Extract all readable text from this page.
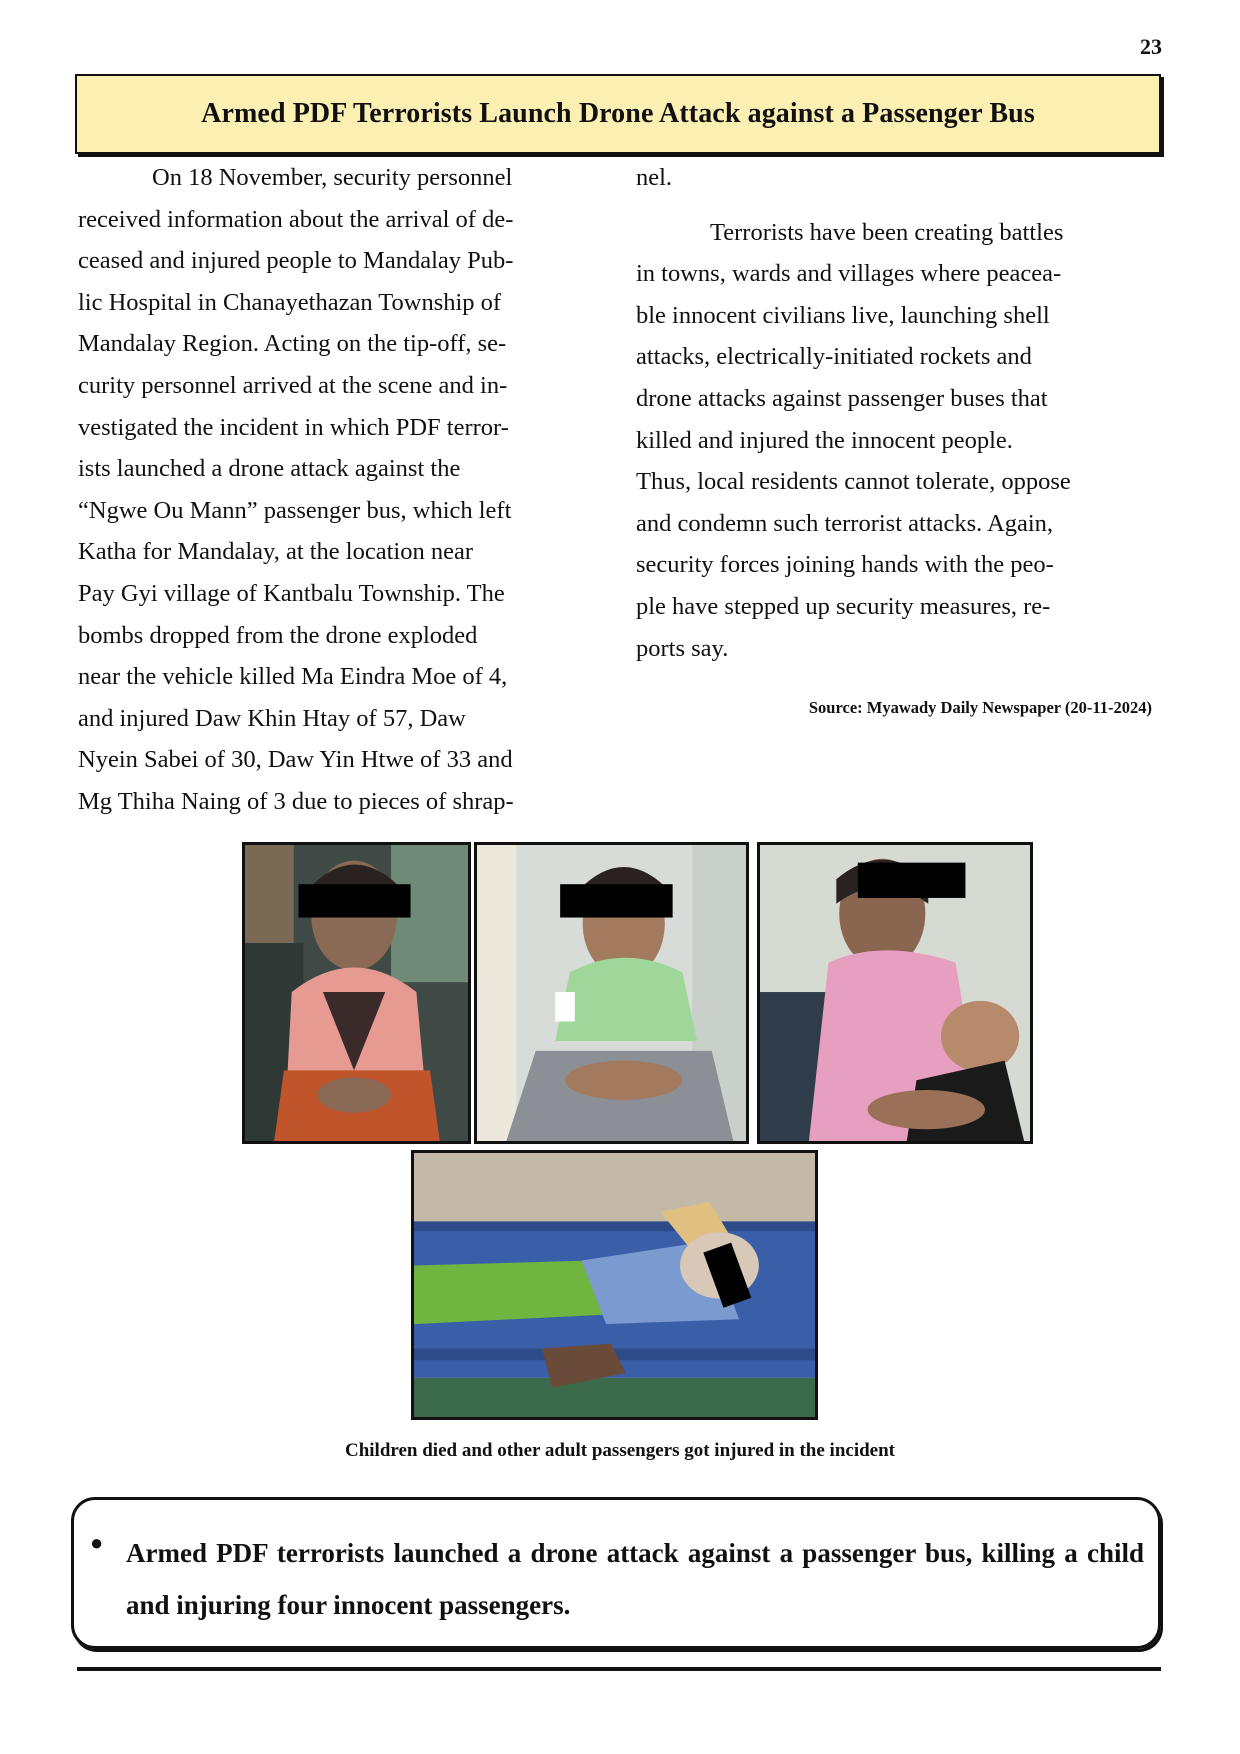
23
Armed PDF Terrorists Launch Drone Attack against a Passenger Bus

On 18 November, security personnel

received information about the arrival of de-

ceased and injured people to Mandalay Pub-

lic Hospital in Chanayethazan Township of

Mandalay Region. Acting on the tip-off, se-

curity personnel arrived at the scene and in-

vestigated the incident in which PDF terror-

ists launched a drone attack against the

“Ngwe Ou Mann” passenger bus, which left

Katha for Mandalay, at the location near

Pay Gyi village of Kantbalu Township. The

bombs dropped from the drone exploded

near the vehicle killed Ma Eindra Moe of 4,

and injured Daw Khin Htay of 57, Daw

Nyein Sabei of 30, Daw Yin Htwe of 33 and

Mg Thiha Naing of 3 due to pieces of shrap-

nel.

Terrorists have been creating battles

in towns, wards and villages where peacea-

ble innocent civilians live, launching shell

attacks, electrically-initiated rockets and

drone attacks against passenger buses that

killed and injured the innocent people.

Thus, local residents cannot tolerate, oppose

and condemn such terrorist attacks. Again,

security forces joining hands with the peo-

ple have stepped up security measures, re-

ports say.

Source: Myawady Daily Newspaper (20-11-2024)
Children died and other adult passengers got injured in the incident
● Armed PDF terrorists launched a drone attack against a passenger bus, killing a child and injuring four innocent passengers.
